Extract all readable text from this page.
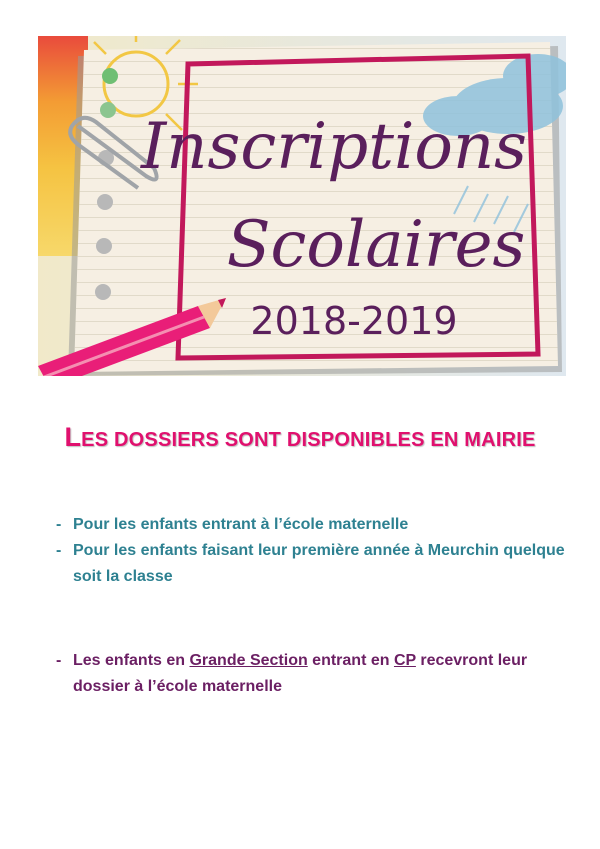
Inscriptions
Scolaires
2018-2019
LES DOSSIERS SONT DISPONIBLES EN MAIRIE
- Pour les enfants entrant à l’école maternelle
- Pour les enfants faisant leur première année à Meurchin quelque soit la classe
- Les enfants en Grande Section entrant en CP recevront leur dossier à l’école maternelle
